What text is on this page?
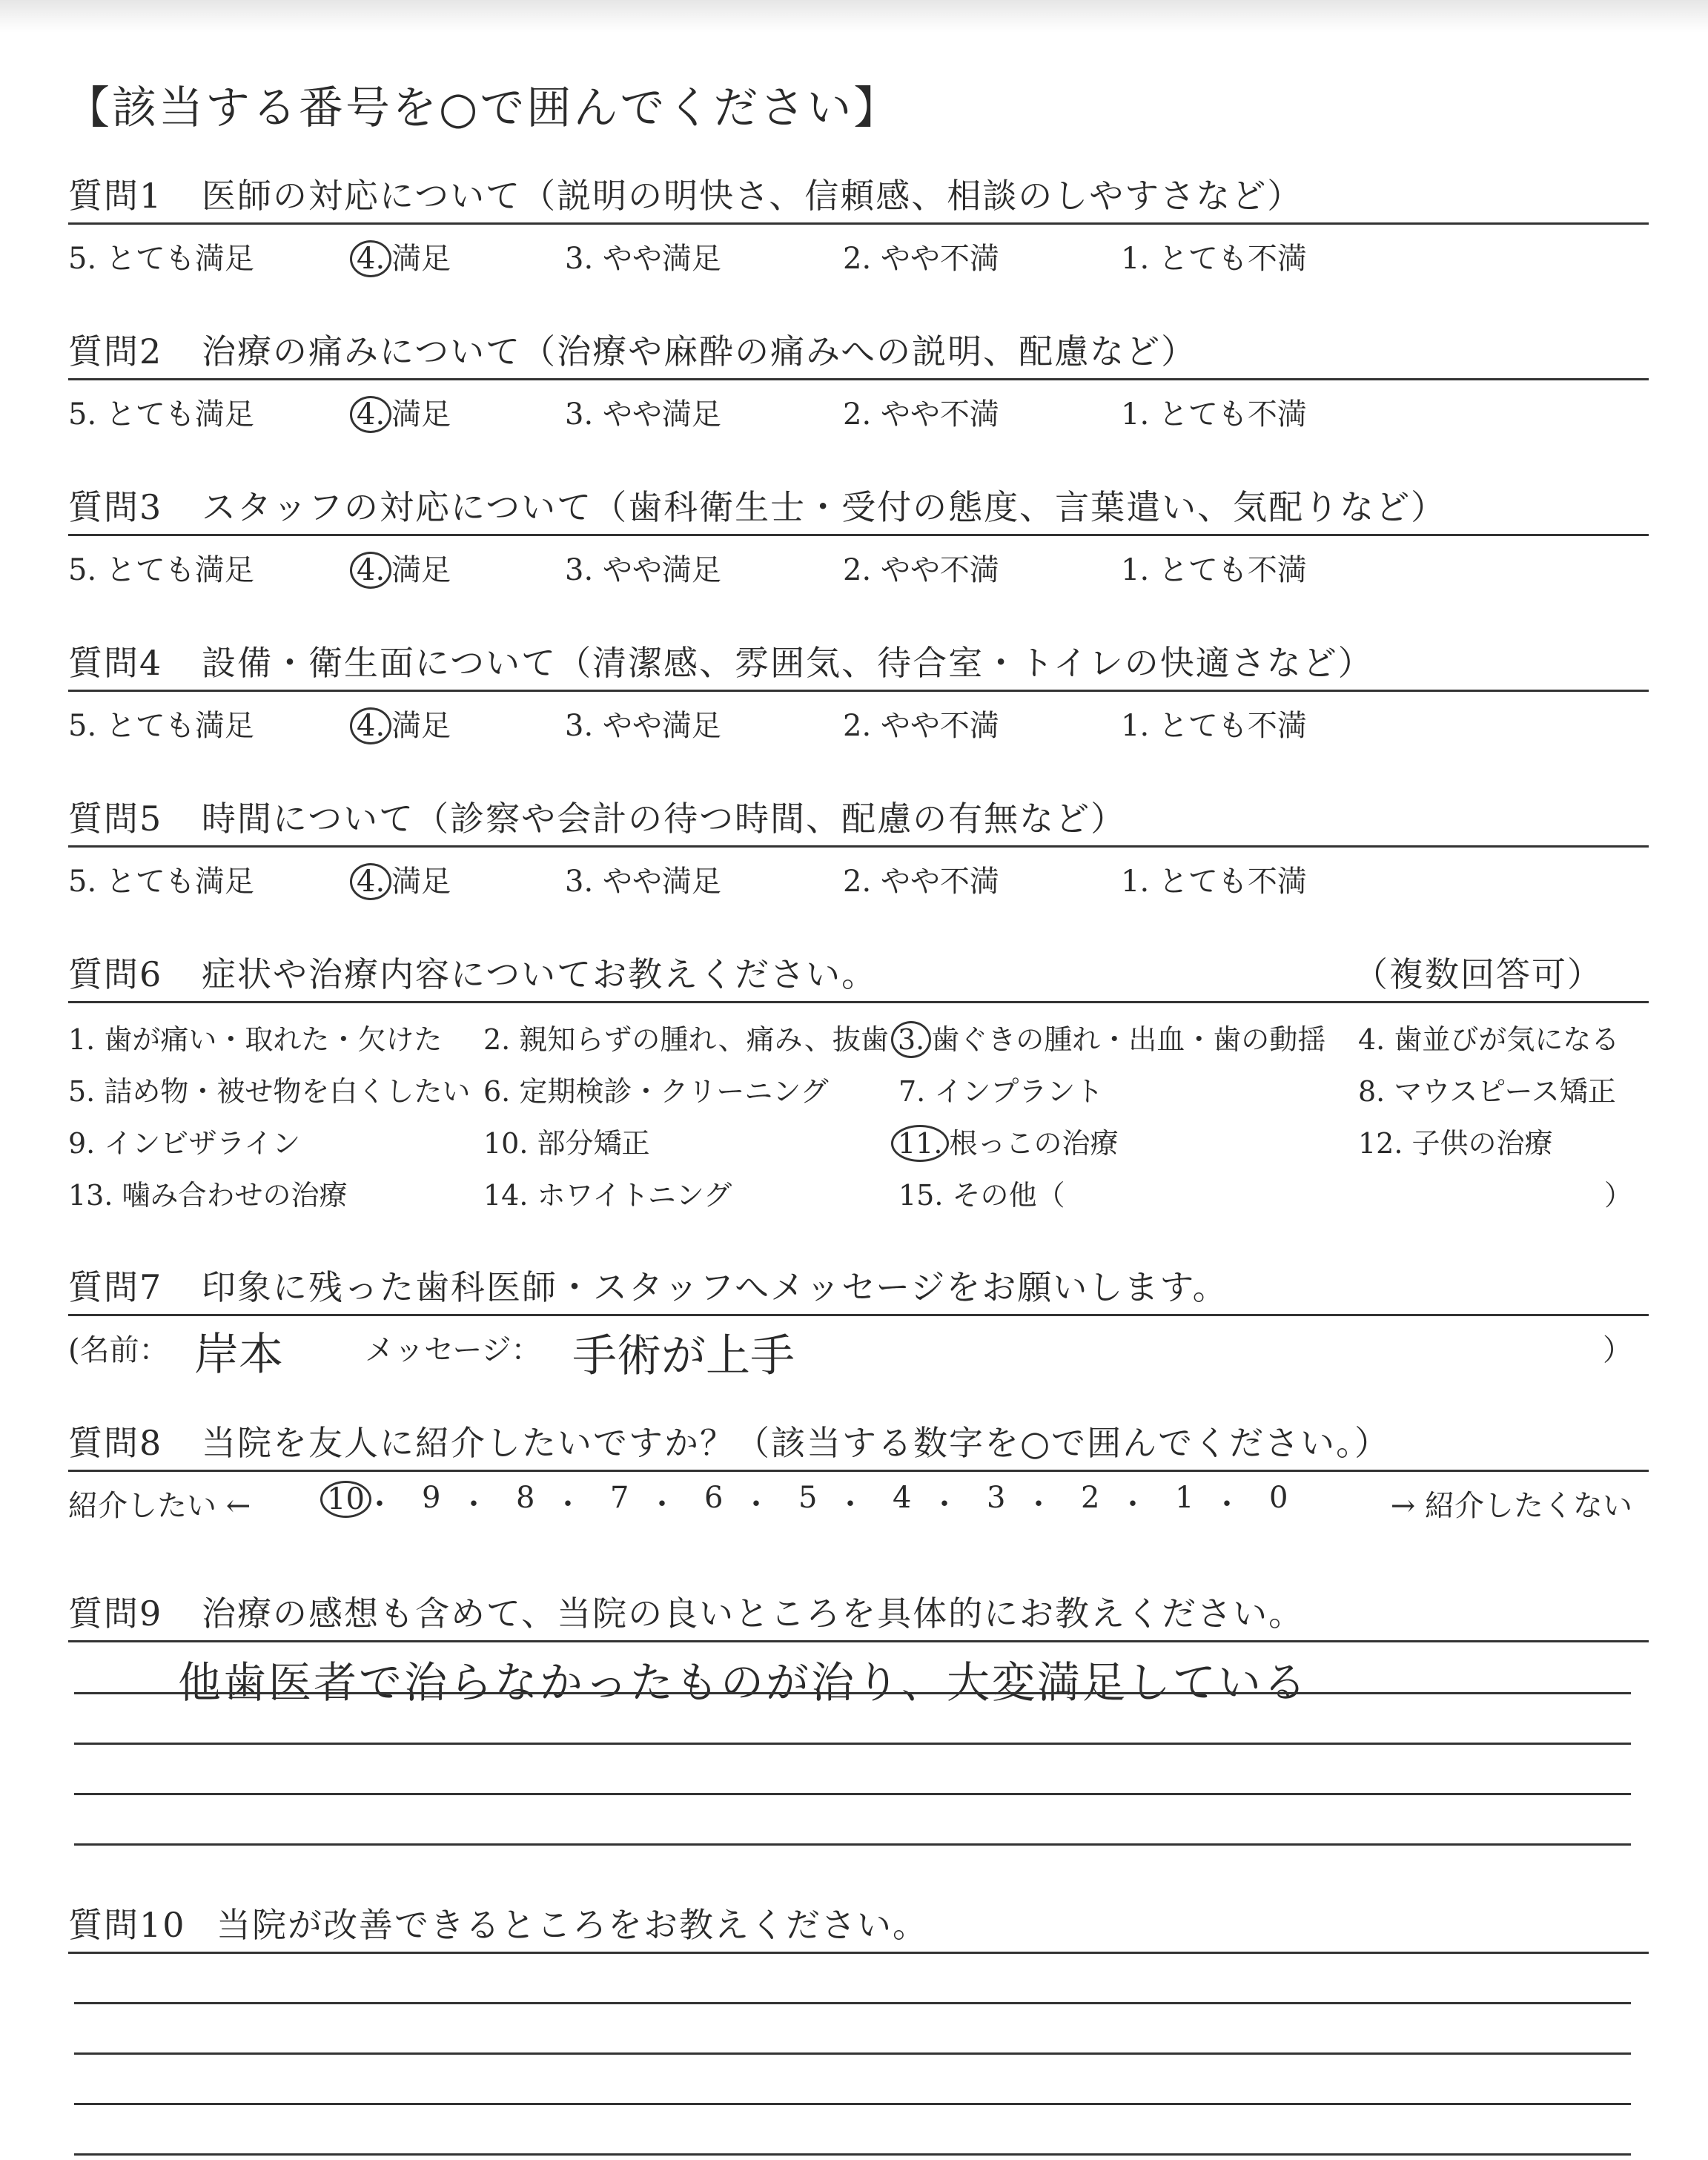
【該当する番号を○で囲んでください】
質問1 医師の対応について（説明の明快さ、信頼感、相談のしやすさなど）
5. とても満足	4. 満足	3. やや満足	2. やや不満	1. とても不満
質問2 治療の痛みについて（治療や麻酔の痛みへの説明、配慮など）
5. とても満足	4. 満足	3. やや満足	2. やや不満	1. とても不満
質問3 スタッフの対応について（歯科衛生士・受付の態度、言葉遣い、気配りなど）
5. とても満足	4. 満足	3. やや満足	2. やや不満	1. とても不満
質問4 設備・衛生面について（清潔感、雰囲気、待合室・トイレの快適さなど）
5. とても満足	4. 満足	3. やや満足	2. やや不満	1. とても不満
質問5 時間について（診察や会計の待つ時間、配慮の有無など）
5. とても満足	4. 満足	3. やや満足	2. やや不満	1. とても不満
質問6 症状や治療内容についてお教えください。	（複数回答可）
1. 歯が痛い・取れた・欠けた 2. 親知らずの腫れ、痛み、抜歯 3. 歯ぐきの腫れ・出血・歯の動揺 4. 歯並びが気になる
5. 詰め物・被せ物を白くしたい 6. 定期検診・クリーニング 7. インプラント	8. マウスピース矯正
9. インビザライン	10. 部分矯正	11. 根っこの治療	12. 子供の治療
13. 噛み合わせの治療	14. ホワイトニング	15. その他（	）
質問7 印象に残った歯科医師・スタッフへメッセージをお願いします。
(名前： 岸本	メッセージ： 手術が上手	）
質問8 当院を友人に紹介したいですか？（該当する数字を○で囲んでください。）
紹介したい ←	→ 紹介したくない
10 ・ 9 ・ 8 ・ 7 ・ 6 ・ 5 ・ 4 ・ 3 ・ 2 ・ 1 ・ 0
質問9 治療の感想も含めて、当院の良いところを具体的にお教えください。
他歯医者で治らなかったものが治り、大変満足している
質問10 当院が改善できるところをお教えください。
